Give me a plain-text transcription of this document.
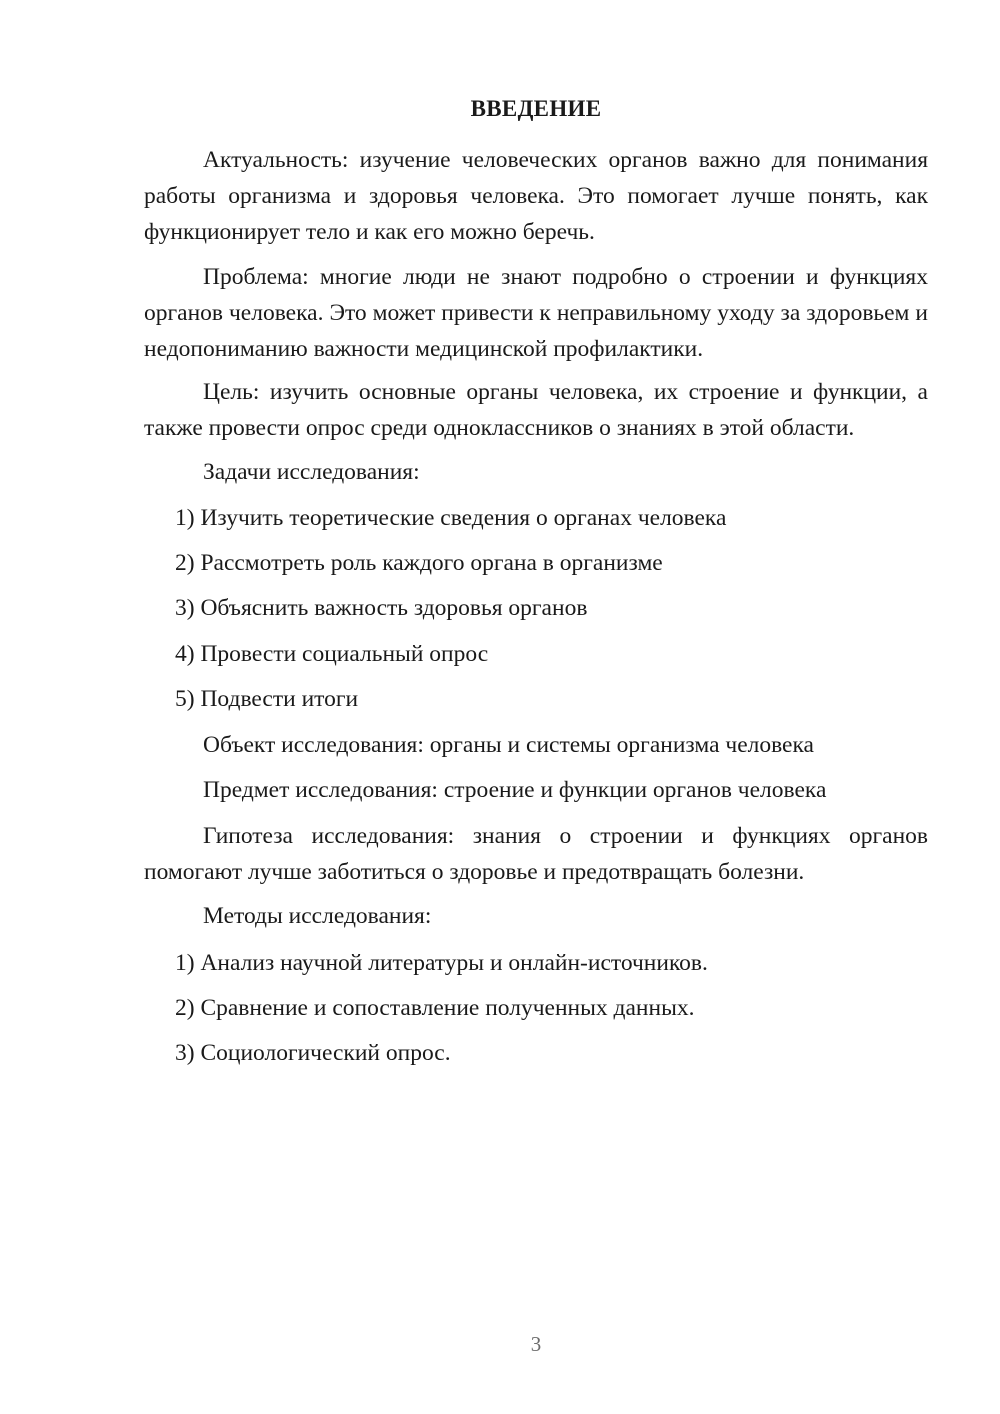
ВВЕДЕНИЕ

Актуальность: изучение человеческих органов важно для понимания работы организма и здоровья человека. Это помогает лучше понять, как функционирует тело и как его можно беречь.

Проблема: многие люди не знают подробно о строении и функциях органов человека. Это может привести к неправильному уходу за здоровьем и недопониманию важности медицинской профилактики.

Цель: изучить основные органы человека, их строение и функции, а также провести опрос среди одноклассников о знаниях в этой области.

Задачи исследования:

1) Изучить теоретические сведения о органах человека

2) Рассмотреть роль каждого органа в организме

3) Объяснить важность здоровья органов

4) Провести социальный опрос

5) Подвести итоги

Объект исследования: органы и системы организма человека

Предмет исследования: строение и функции органов человека

Гипотеза исследования: знания о строении и функциях органов помогают лучше заботиться о здоровье и предотвращать болезни.

Методы исследования:

1) Анализ научной литературы и онлайн-источников.

2) Сравнение и сопоставление полученных данных.

3) Социологический опрос.

3
